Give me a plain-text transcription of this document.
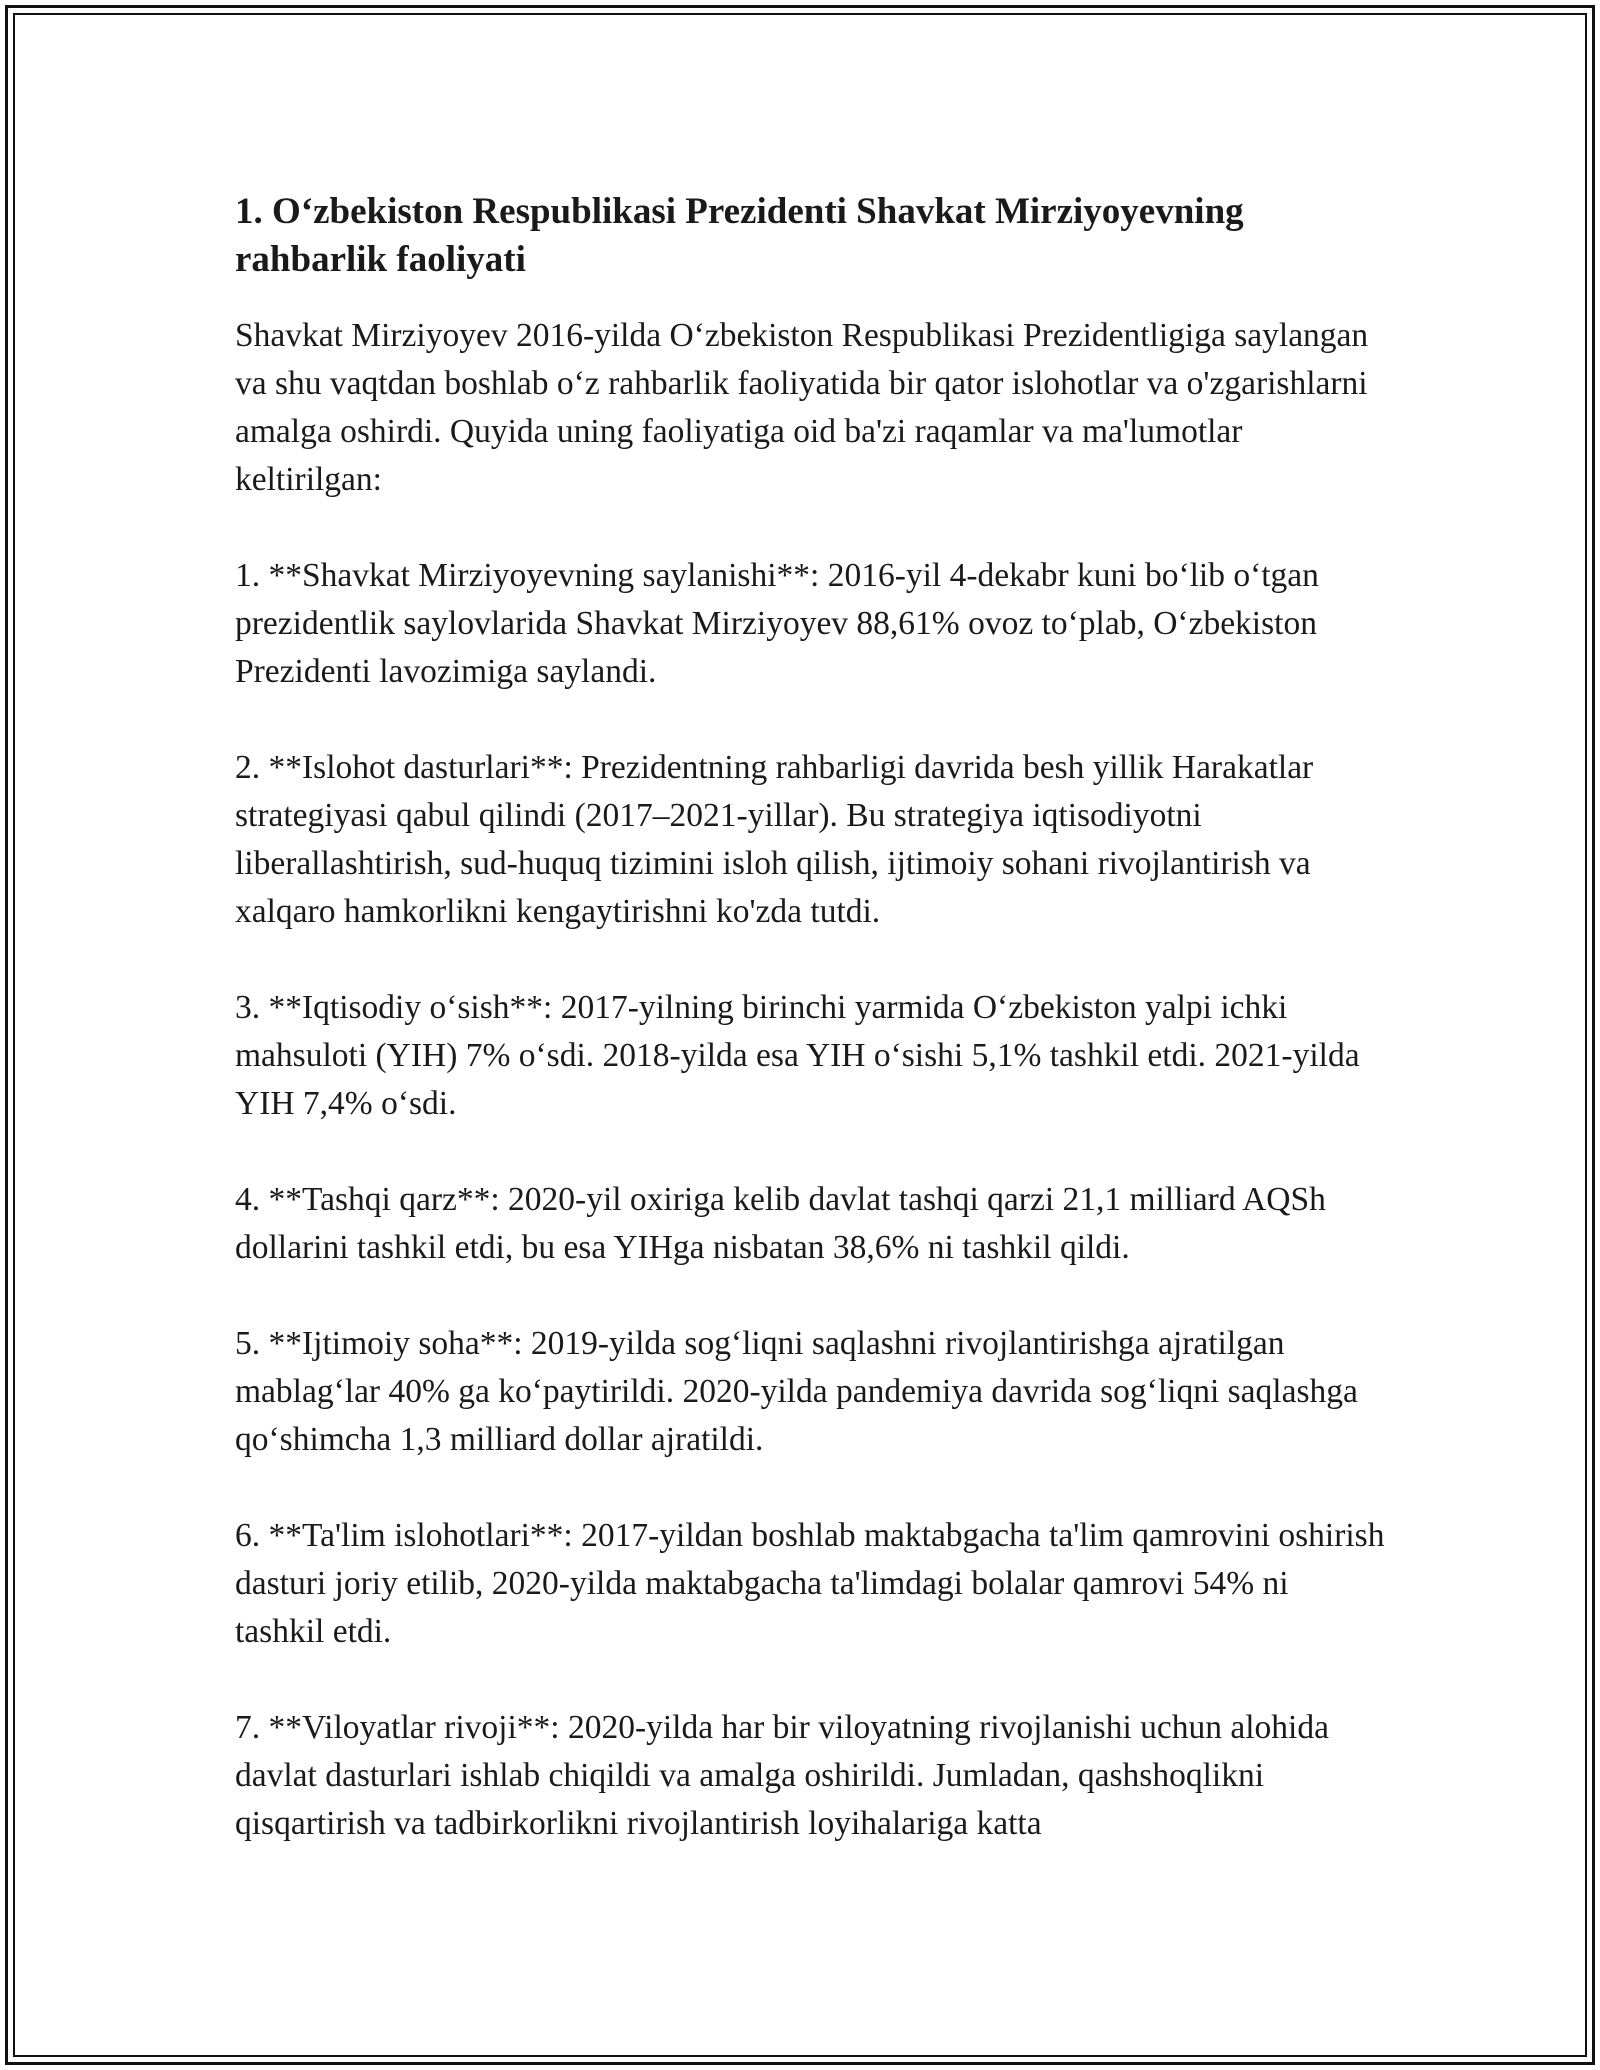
1. O‘zbekiston Respublikasi Prezidenti Shavkat Mirziyoyevning rahbarlik faoliyati

Shavkat Mirziyoyev 2016-yilda O‘zbekiston Respublikasi Prezidentligiga saylangan va shu vaqtdan boshlab o‘z rahbarlik faoliyatida bir qator islohotlar va o'zgarishlarni amalga oshirdi. Quyida uning faoliyatiga oid ba'zi raqamlar va ma'lumotlar keltirilgan:

1. **Shavkat Mirziyoyevning saylanishi**: 2016-yil 4-dekabr kuni bo‘lib o‘tgan prezidentlik saylovlarida Shavkat Mirziyoyev 88,61% ovoz to‘plab, O‘zbekiston Prezidenti lavozimiga saylandi.

2. **Islohot dasturlari**: Prezidentning rahbarligi davrida besh yillik Harakatlar strategiyasi qabul qilindi (2017–2021-yillar). Bu strategiya iqtisodiyotni liberallashtirish, sud-huquq tizimini isloh qilish, ijtimoiy sohani rivojlantirish va xalqaro hamkorlikni kengaytirishni ko'zda tutdi.

3. **Iqtisodiy o‘sish**: 2017-yilning birinchi yarmida O‘zbekiston yalpi ichki mahsuloti (YIH) 7% o‘sdi. 2018-yilda esa YIH o‘sishi 5,1% tashkil etdi. 2021-yilda YIH 7,4% o‘sdi.

4. **Tashqi qarz**: 2020-yil oxiriga kelib davlat tashqi qarzi 21,1 milliard AQSh dollarini tashkil etdi, bu esa YIHga nisbatan 38,6% ni tashkil qildi.

5. **Ijtimoiy soha**: 2019-yilda sog‘liqni saqlashni rivojlantirishga ajratilgan mablag‘lar 40% ga ko‘paytirildi. 2020-yilda pandemiya davrida sog‘liqni saqlashga qo‘shimcha 1,3 milliard dollar ajratildi.

6. **Ta'lim islohotlari**: 2017-yildan boshlab maktabgacha ta'lim qamrovini oshirish dasturi joriy etilib, 2020-yilda maktabgacha ta'limdagi bolalar qamrovi 54% ni tashkil etdi.

7. **Viloyatlar rivoji**: 2020-yilda har bir viloyatning rivojlanishi uchun alohida davlat dasturlari ishlab chiqildi va amalga oshirildi. Jumladan, qashshoqlikni qisqartirish va tadbirkorlikni rivojlantirish loyihalariga katta
